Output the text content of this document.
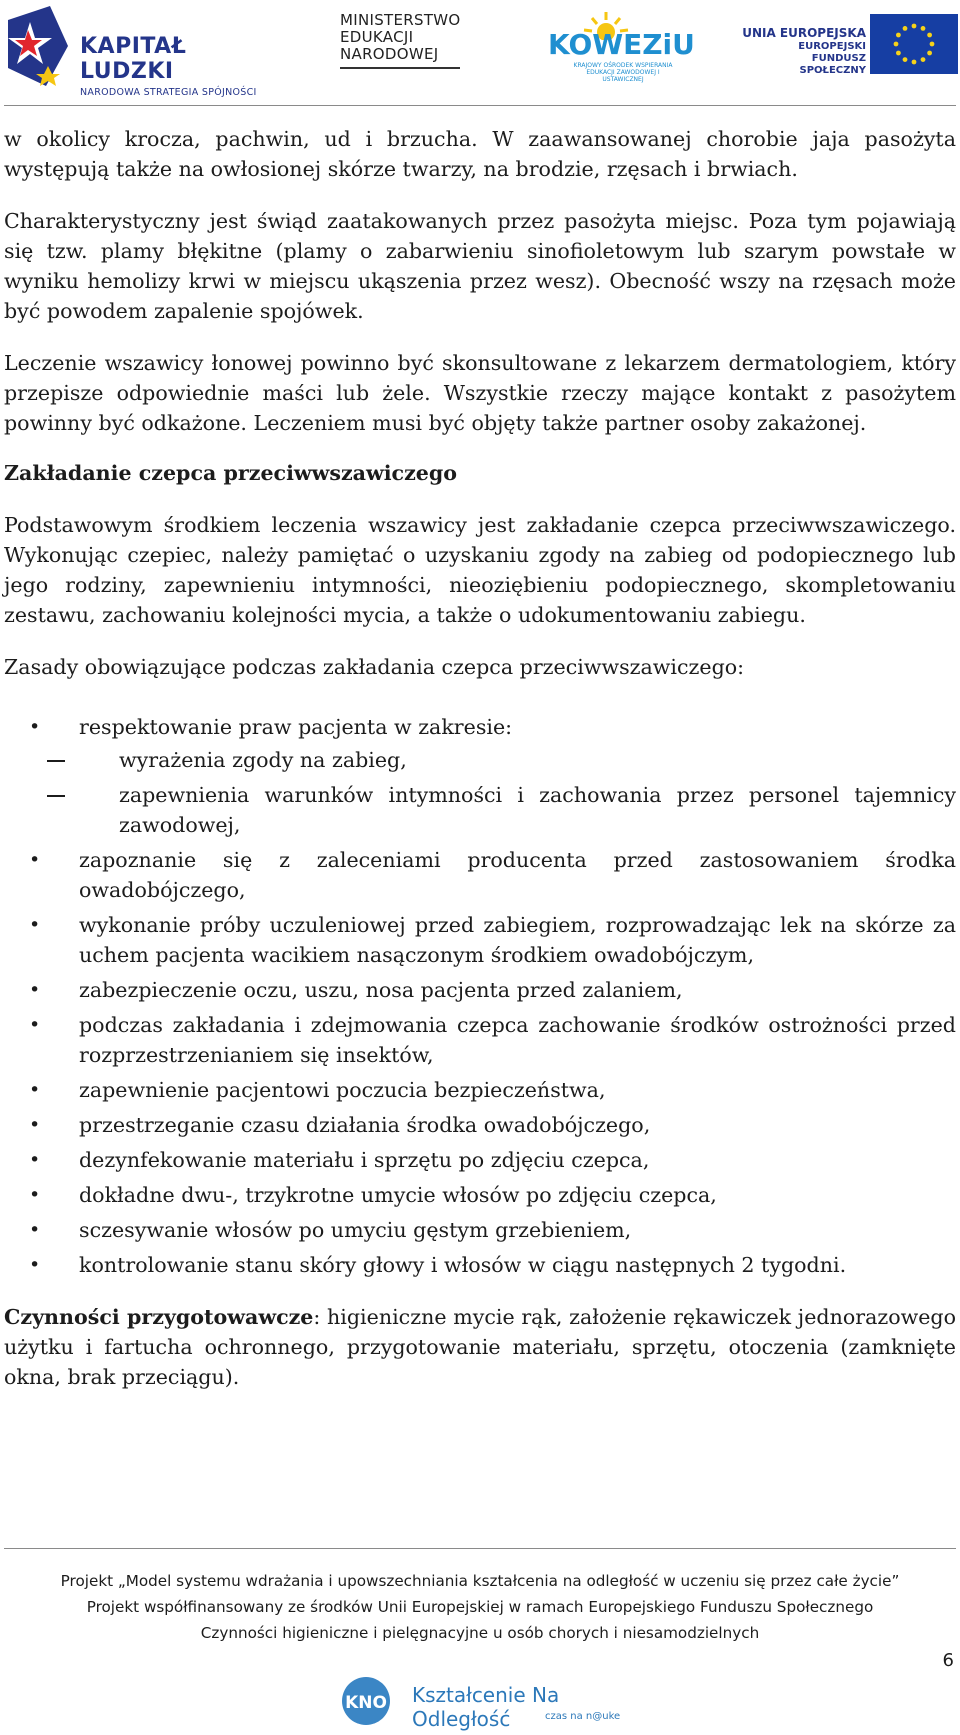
KAPITAŁ LUDZKI
NARODOWA STRATEGIA SPÓJNOŚCI
MINISTERSTWO
EDUKACJI
NARODOWEJ	KOWEZiU
KRAJOWY OŚRODEK WSPIERANIA EDUKACJI ZAWODOWEJ I USTAWICZNEJ
UNIA EUROPEJSKA
EUROPEJSKI
FUNDUSZ SPOŁECZNY

w okolicy krocza, pachwin, ud i brzucha. W zaawansowanej chorobie jaja pasożyta występują także na owłosionej skórze twarzy, na brodzie, rzęsach i brwiach.

Charakterystyczny jest świąd zaatakowanych przez pasożyta miejsc. Poza tym pojawiają się tzw. plamy błękitne (plamy o zabarwieniu sinofioletowym lub szarym powstałe w wyniku hemolizy krwi w miejscu ukąszenia przez wesz). Obecność wszy na rzęsach może być powodem zapalenie spojówek.

Leczenie wszawicy łonowej powinno być skonsultowane z lekarzem dermatologiem, który przepisze odpowiednie maści lub żele. Wszystkie rzeczy mające kontakt z pasożytem powinny być odkażone. Leczeniem musi być objęty także partner osoby zakażonej.

Zakładanie czepca przeciwwszawiczego

Podstawowym środkiem leczenia wszawicy jest zakładanie czepca przeciwwszawiczego. Wykonując czepiec, należy pamiętać o uzyskaniu zgody na zabieg od podopiecznego lub jego rodziny, zapewnieniu intymności, nieoziębieniu podopiecznego, skompletowaniu zestawu, zachowaniu kolejności mycia, a także o udokumentowaniu zabiegu.

Zasady obowiązujące podczas zakładania czepca przeciwwszawiczego:

• respektowanie praw pacjenta w zakresie:
wyrażenia zgody na zabieg,
zapewnienia warunków intymności i zachowania przez personel tajemnicy zawodowej,
• zapoznanie się z zaleceniami producenta przed zastosowaniem środka owadobójczego,
• wykonanie próby uczuleniowej przed zabiegiem, rozprowadzając lek na skórze za uchem pacjenta wacikiem nasączonym środkiem owadobójczym,
• zabezpieczenie oczu, uszu, nosa pacjenta przed zalaniem,
• podczas zakładania i zdejmowania czepca zachowanie środków ostrożności przed rozprzestrzenianiem się insektów,
• zapewnienie pacjentowi poczucia bezpieczeństwa,
• przestrzeganie czasu działania środka owadobójczego,
• dezynfekowanie materiału i sprzętu po zdjęciu czepca,
• dokładne dwu-, trzykrotne umycie włosów po zdjęciu czepca,
• sczesywanie włosów po umyciu gęstym grzebieniem,
• kontrolowanie stanu skóry głowy i włosów w ciągu następnych 2 tygodni.

Czynności przygotowawcze: higieniczne mycie rąk, założenie rękawiczek jednorazowego użytku i fartucha ochronnego, przygotowanie materiału, sprzętu, otoczenia (zamknięte okna, brak przeciągu).

Projekt „Model systemu wdrażania i upowszechniania kształcenia na odległość w uczeniu się przez całe życie”
Projekt współfinansowany ze środków Unii Europejskiej w ramach Europejskiego Funduszu Społecznego
Czynności higieniczne i pielęgnacyjne u osób chorych i niesamodzielnych
6
KNO Kształcenie Na Odległość	czas na n@uke
